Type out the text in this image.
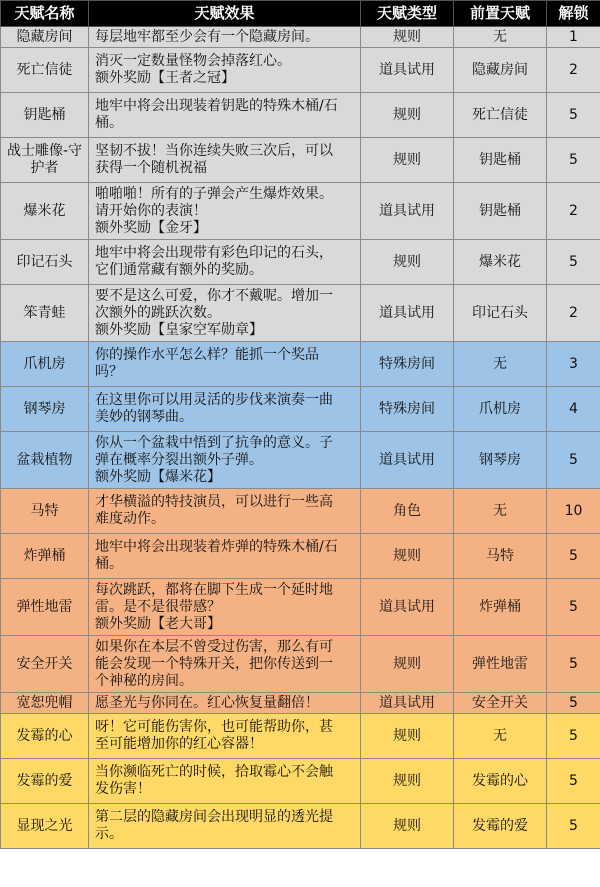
天赋名称	天赋效果	天赋类型	前置天赋	解锁
隐藏房间	每层地牢都至少会有一个隐藏房间。	规则	无	1
死亡信徒	消灭一定数量怪物会掉落红心。
额外奖励【王者之冠】	道具试用	隐藏房间	2
钥匙桶	地牢中将会出现装着钥匙的特殊木桶/石
桶。	规则	死亡信徒	5
战士雕像-守
护者	坚韧不拔！当你连续失败三次后，可以
获得一个随机祝福	规则	钥匙桶	5
爆米花	啪啪啪！所有的子弹会产生爆炸效果。
请开始你的表演！
额外奖励【金牙】	道具试用	钥匙桶	2
印记石头	地牢中将会出现带有彩色印记的石头，
它们通常藏有额外的奖励。	规则	爆米花	5
笨青蛙	要不是这么可爱，你才不戴呢。增加一
次额外的跳跃次数。
额外奖励【皇家空军勋章】	道具试用	印记石头	2
爪机房	你的操作水平怎么样？能抓一个奖品
吗？	特殊房间	无	3
钢琴房	在这里你可以用灵活的步伐来演奏一曲
美妙的钢琴曲。	特殊房间	爪机房	4
盆栽植物	你从一个盆栽中悟到了抗争的意义。子
弹在概率分裂出额外子弹。
额外奖励【爆米花】	道具试用	钢琴房	5
马特	才华横溢的特技演员，可以进行一些高
难度动作。	角色	无	10
炸弹桶	地牢中将会出现装着炸弹的特殊木桶/石
桶。	规则	马特	5
弹性地雷	每次跳跃，都将在脚下生成一个延时地
雷。是不是很带感？
额外奖励【老大哥】	道具试用	炸弹桶	5
安全开关	如果你在本层不曾受过伤害，那么有可
能会发现一个特殊开关，把你传送到一
个神秘的房间。	规则	弹性地雷	5
宽恕兜帽	愿圣光与你同在。红心恢复量翻倍！	道具试用	安全开关	5
发霉的心	呀！它可能伤害你，也可能帮助你，甚
至可能增加你的红心容器！	规则	无	5
发霉的爱	当你濒临死亡的时候，拾取霉心不会触
发伤害！	规则	发霉的心	5
显现之光	第二层的隐藏房间会出现明显的透光提
示。	规则	发霉的爱	5
